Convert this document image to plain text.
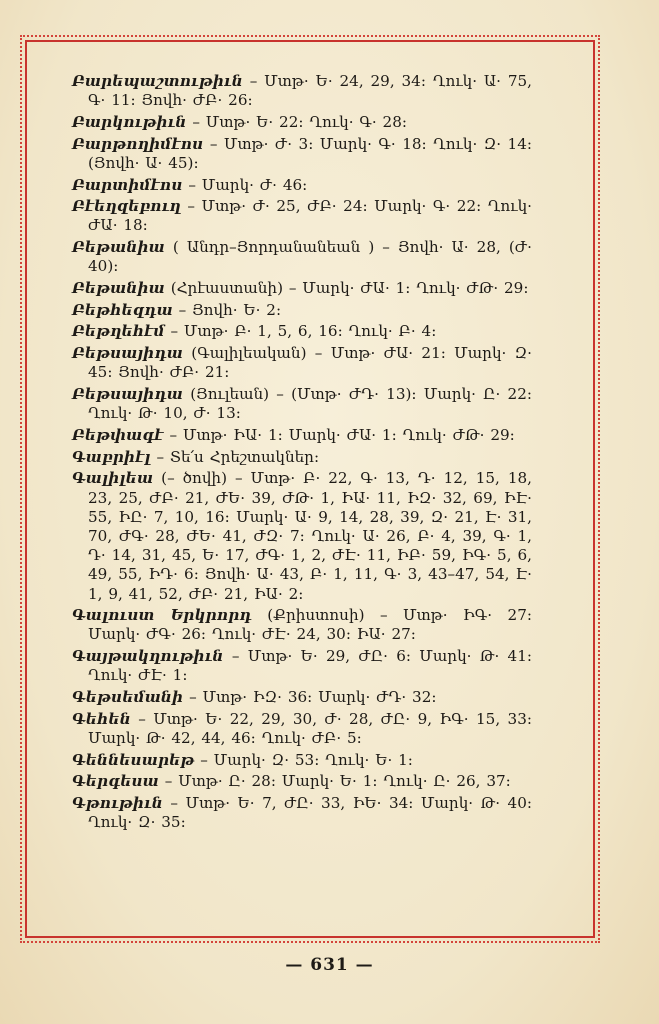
Բարեպաշտութիւն – Մտթ· Ե· 24, 29, 34: Ղուկ· Ա· 75, Գ· 11: Յովհ· ԺԲ· 26:

Բարկութիւն – Մտթ· Ե· 22: Ղուկ· Գ· 28:

Բարթողիմէոս – Մտթ· Ժ· 3: Մարկ· Գ· 18: Ղուկ· Զ· 14: (Յովհ· Ա· 45):

Բարտիմէոս – Մարկ· Ժ· 46:

Բէեղզեբուղ – Մտթ· Ժ· 25, ԺԲ· 24: Մարկ· Գ· 22: Ղուկ· ԺԱ· 18:

Բեթանիա ( Անդր–Յորդանանեան ) – Յովհ· Ա· 28, (Ժ· 40):

Բեթանիա (Հրէաստանի) – Մարկ· ԺԱ· 1: Ղուկ· ԺԹ· 29:

Բեթհեզդա – Յովհ· Ե· 2:

Բեթղեհէմ – Մտթ· Բ· 1, 5, 6, 16: Ղուկ· Բ· 4:

Բեթսայիդա (Գալիլեական) – Մտթ· ԺԱ· 21: Մարկ· Զ· 45: Յովհ· ԺԲ· 21:

Բեթսայիդա (Յուլեան) – (Մտթ· ԺԴ· 13): Մարկ· Ը· 22: Ղուկ· Թ· 10, Ժ· 13:

Բեթփագէ – Մտթ· ԻԱ· 1: Մարկ· ԺԱ· 1: Ղուկ· ԺԹ· 29:

Գաբրիէլ – Տե՛ս Հրեշտակներ:

Գալիլեա (– ծովի) – Մտթ· Բ· 22, Գ· 13, Դ· 12, 15, 18, 23, 25, ԺԲ· 21, ԺԵ· 39, ԺԹ· 1, ԻԱ· 11, ԻԶ· 32, 69, ԻԷ· 55, ԻԸ· 7, 10, 16: Մարկ· Ա· 9, 14, 28, 39, Զ· 21, Է· 31, 70, ԺԳ· 28, ԺԵ· 41, ԺԶ· 7: Ղուկ· Ա· 26, Բ· 4, 39, Գ· 1, Դ· 14, 31, 45, Ե· 17, ԺԳ· 1, 2, ԺԷ· 11, ԻԲ· 59, ԻԳ· 5, 6, 49, 55, ԻԴ· 6: Յովհ· Ա· 43, Բ· 1, 11, Գ· 3, 43–47, 54, Է· 1, 9, 41, 52, ԺԲ· 21, ԻԱ· 2:

Գալուստ Երկրորդ (Քրիստոսի) – Մտթ· ԻԳ· 27: Մարկ· ԺԳ· 26: Ղուկ· ԺԷ· 24, 30: ԻԱ· 27:

Գայթակղութիւն – Մտթ· Ե· 29, ԺԸ· 6: Մարկ· Թ· 41: Ղուկ· ԺԷ· 1:

Գեթսեմանի – Մտթ· ԻԶ· 36: Մարկ· ԺԴ· 32:

Գեհեն – Մտթ· Ե· 22, 29, 30, Ժ· 28, ԺԸ· 9, ԻԳ· 15, 33: Մարկ· Թ· 42, 44, 46: Ղուկ· ԺԲ· 5:

Գեննեսարեթ – Մարկ· Զ· 53: Ղուկ· Ե· 1:

Գերգեսա – Մտթ· Ը· 28: Մարկ· Ե· 1: Ղուկ· Ը· 26, 37:

Գթութիւն – Մտթ· Ե· 7, ԺԸ· 33, ԻԵ· 34: Մարկ· Թ· 40: Ղուկ· Զ· 35:

— 631 —
